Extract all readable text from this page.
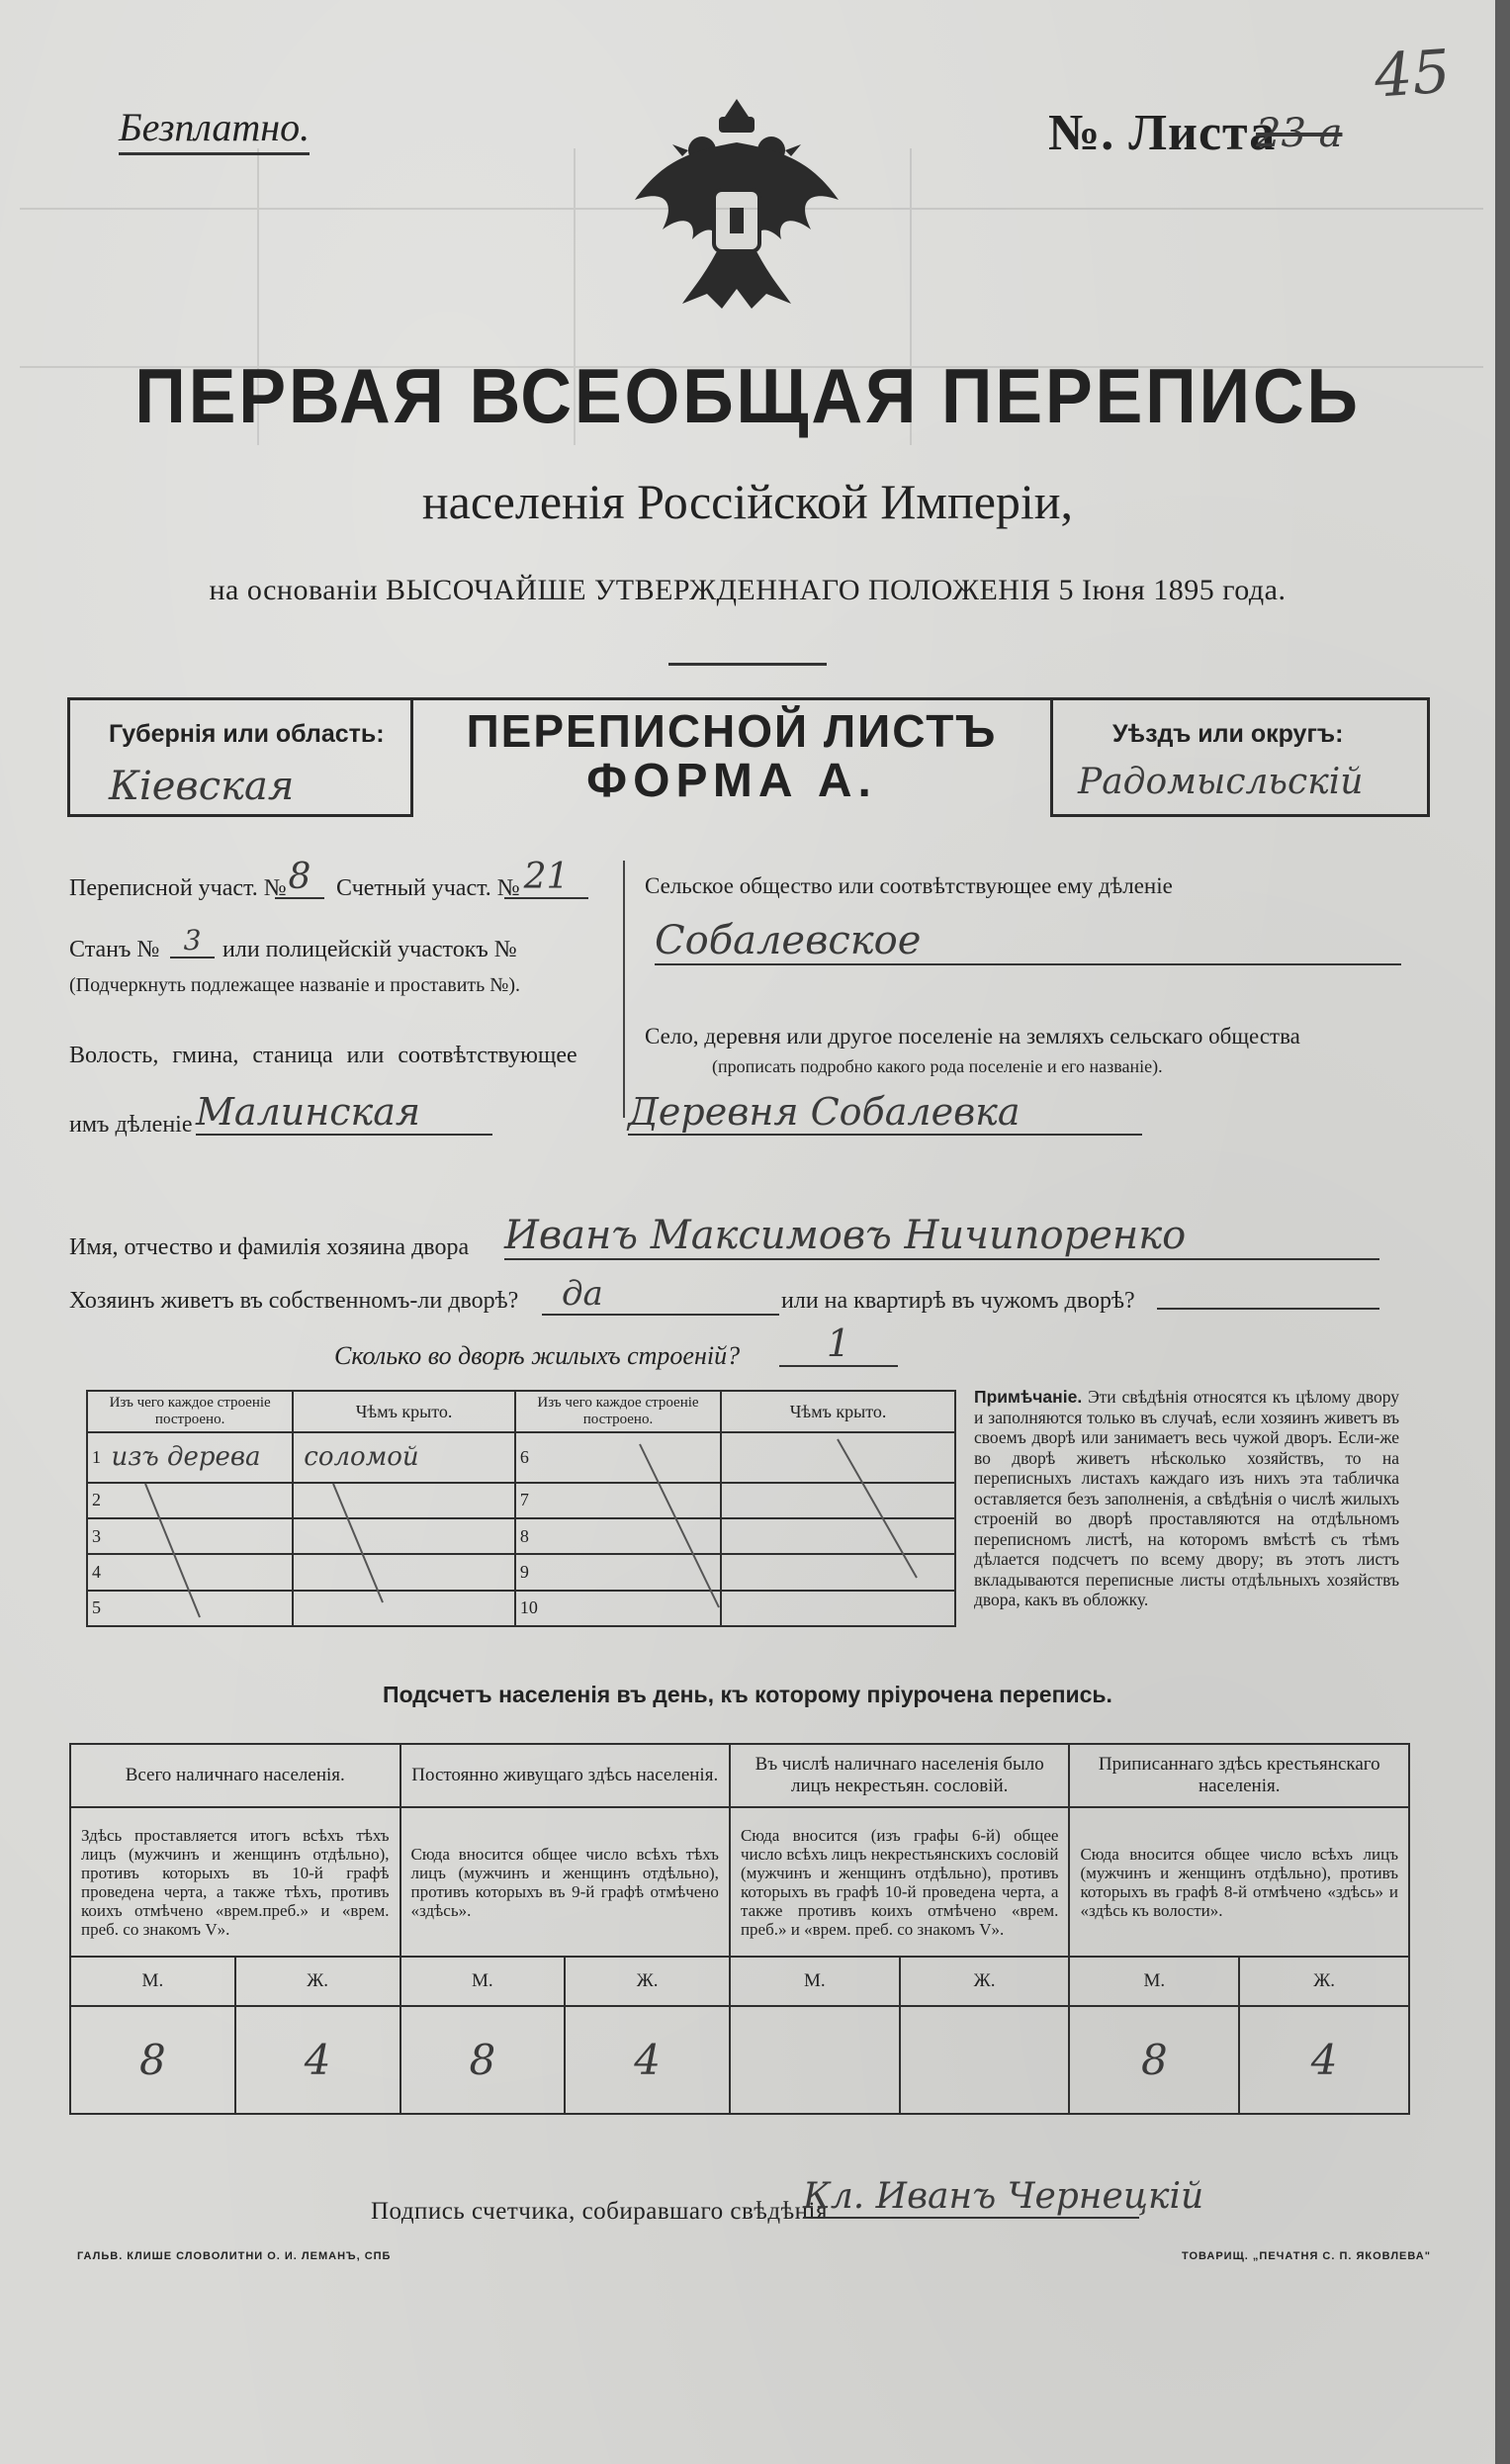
45
Безплатно.	№. Листа
23 а
ПЕРВАЯ ВСЕОБЩАЯ ПЕРЕПИСЬ
населенія Россійской Имперіи,
на основаніи ВЫСОЧАЙШЕ УТВЕРЖДЕННАГО ПОЛОЖЕНІЯ 5 Іюня 1895 года.
Губернія или область:
Кіевская
ПЕРЕПИСНОЙ ЛИСТЪ
ФОРМА А.
Уѣздъ или округъ:
Радомысльскій
Переписной участ. № 8	Счетный участ. № 21
Станъ № 3 или полицейскій участокъ №
(Подчеркнуть подлежащее названіе и проставить №).
Волость, гмина, станица или соотвѣтствующее
имъ дѣленіе Малинская
Сельское общество или соотвѣтствующее ему дѣленіе
Собалевское
Село, деревня или другое поселеніе на земляхъ сельскаго общества
(прописать подробно какого рода поселеніе и его названіе).
Деревня Собалевка
Имя, отчество и фамилія хозяина двора Иванъ Максимовъ Ничипоренко
Хозяинъ живетъ въ собственномъ-ли дворѣ?	да	или на квартирѣ въ чужомъ дворѣ?
Сколько во дворѣ жилыхъ строеній?	1
Изъ чего каждое строеніе построено.		Чѣмъ крыто.	Изъ чего каждое строеніе построено.		Чѣмъ крыто.
1	изъ дерева	соломой	6		
2			7		
3			8		
4			9		
5			10		
Примѣчаніе. Эти свѣдѣнія относятся къ цѣлому двору и заполняются только въ случаѣ, если хозяинъ живетъ въ своемъ дворѣ или занимаетъ весь чужой дворъ. Если-же во дворѣ живетъ нѣсколько хозяйствъ, то на переписныхъ листахъ каждаго изъ нихъ эта табличка оставляется безъ заполненія, а свѣдѣнія о числѣ жилыхъ строеній во дворѣ проставляются на отдѣльномъ переписномъ листѣ, на которомъ вмѣстѣ съ тѣмъ дѣлается подсчетъ по всему двору; въ этотъ листъ вкладываются переписные листы отдѣльныхъ хозяйствъ двора, какъ въ обложку.
Подсчетъ населенія въ день, къ которому пріурочена перепись.
Всего наличнаго населенія.		Постоянно живущаго здѣсь населенія.		Въ числѣ наличнаго населенія было лицъ некрестьян. сословій.		Приписаннаго здѣсь крестьянскаго населенія.	
Здѣсь проставляется итогъ всѣхъ тѣхъ лицъ (мужчинъ и женщинъ отдѣльно), противъ которыхъ въ 10-й графѣ проведена черта, а также тѣхъ, противъ коихъ отмѣчено «врем.преб.» и «врем. преб. со знакомъ V».		Сюда вносится общее число всѣхъ тѣхъ лицъ (мужчинъ и женщинъ отдѣльно), противъ которыхъ въ 9-й графѣ отмѣчено «здѣсь».		Сюда вносится (изъ графы 6-й) общее число всѣхъ лицъ некрестьянскихъ сословій (мужчинъ и женщинъ отдѣльно), противъ которыхъ въ графѣ 10-й проведена черта, а также противъ коихъ отмѣчено «врем. преб.» и «врем. преб. со знакомъ V».		Сюда вносится общее число всѣхъ лицъ (мужчинъ и женщинъ отдѣльно), противъ которыхъ въ графѣ 8-й отмѣчено «здѣсь» и «здѣсь къ волости».	
М.	Ж.	М.	Ж.	М.	Ж.	М.	Ж.
8	4	8	4			8	4
Подпись счетчика, собиравшаго свѣдѣнія
Кл. Иванъ Чернецкій
ГАЛЬВ. КЛИШЕ СЛОВОЛИТНИ О. И. ЛЕМАНЪ, СПБ	ТОВАРИЩ. „ПЕЧАТНЯ С. П. ЯКОВЛЕВА"
